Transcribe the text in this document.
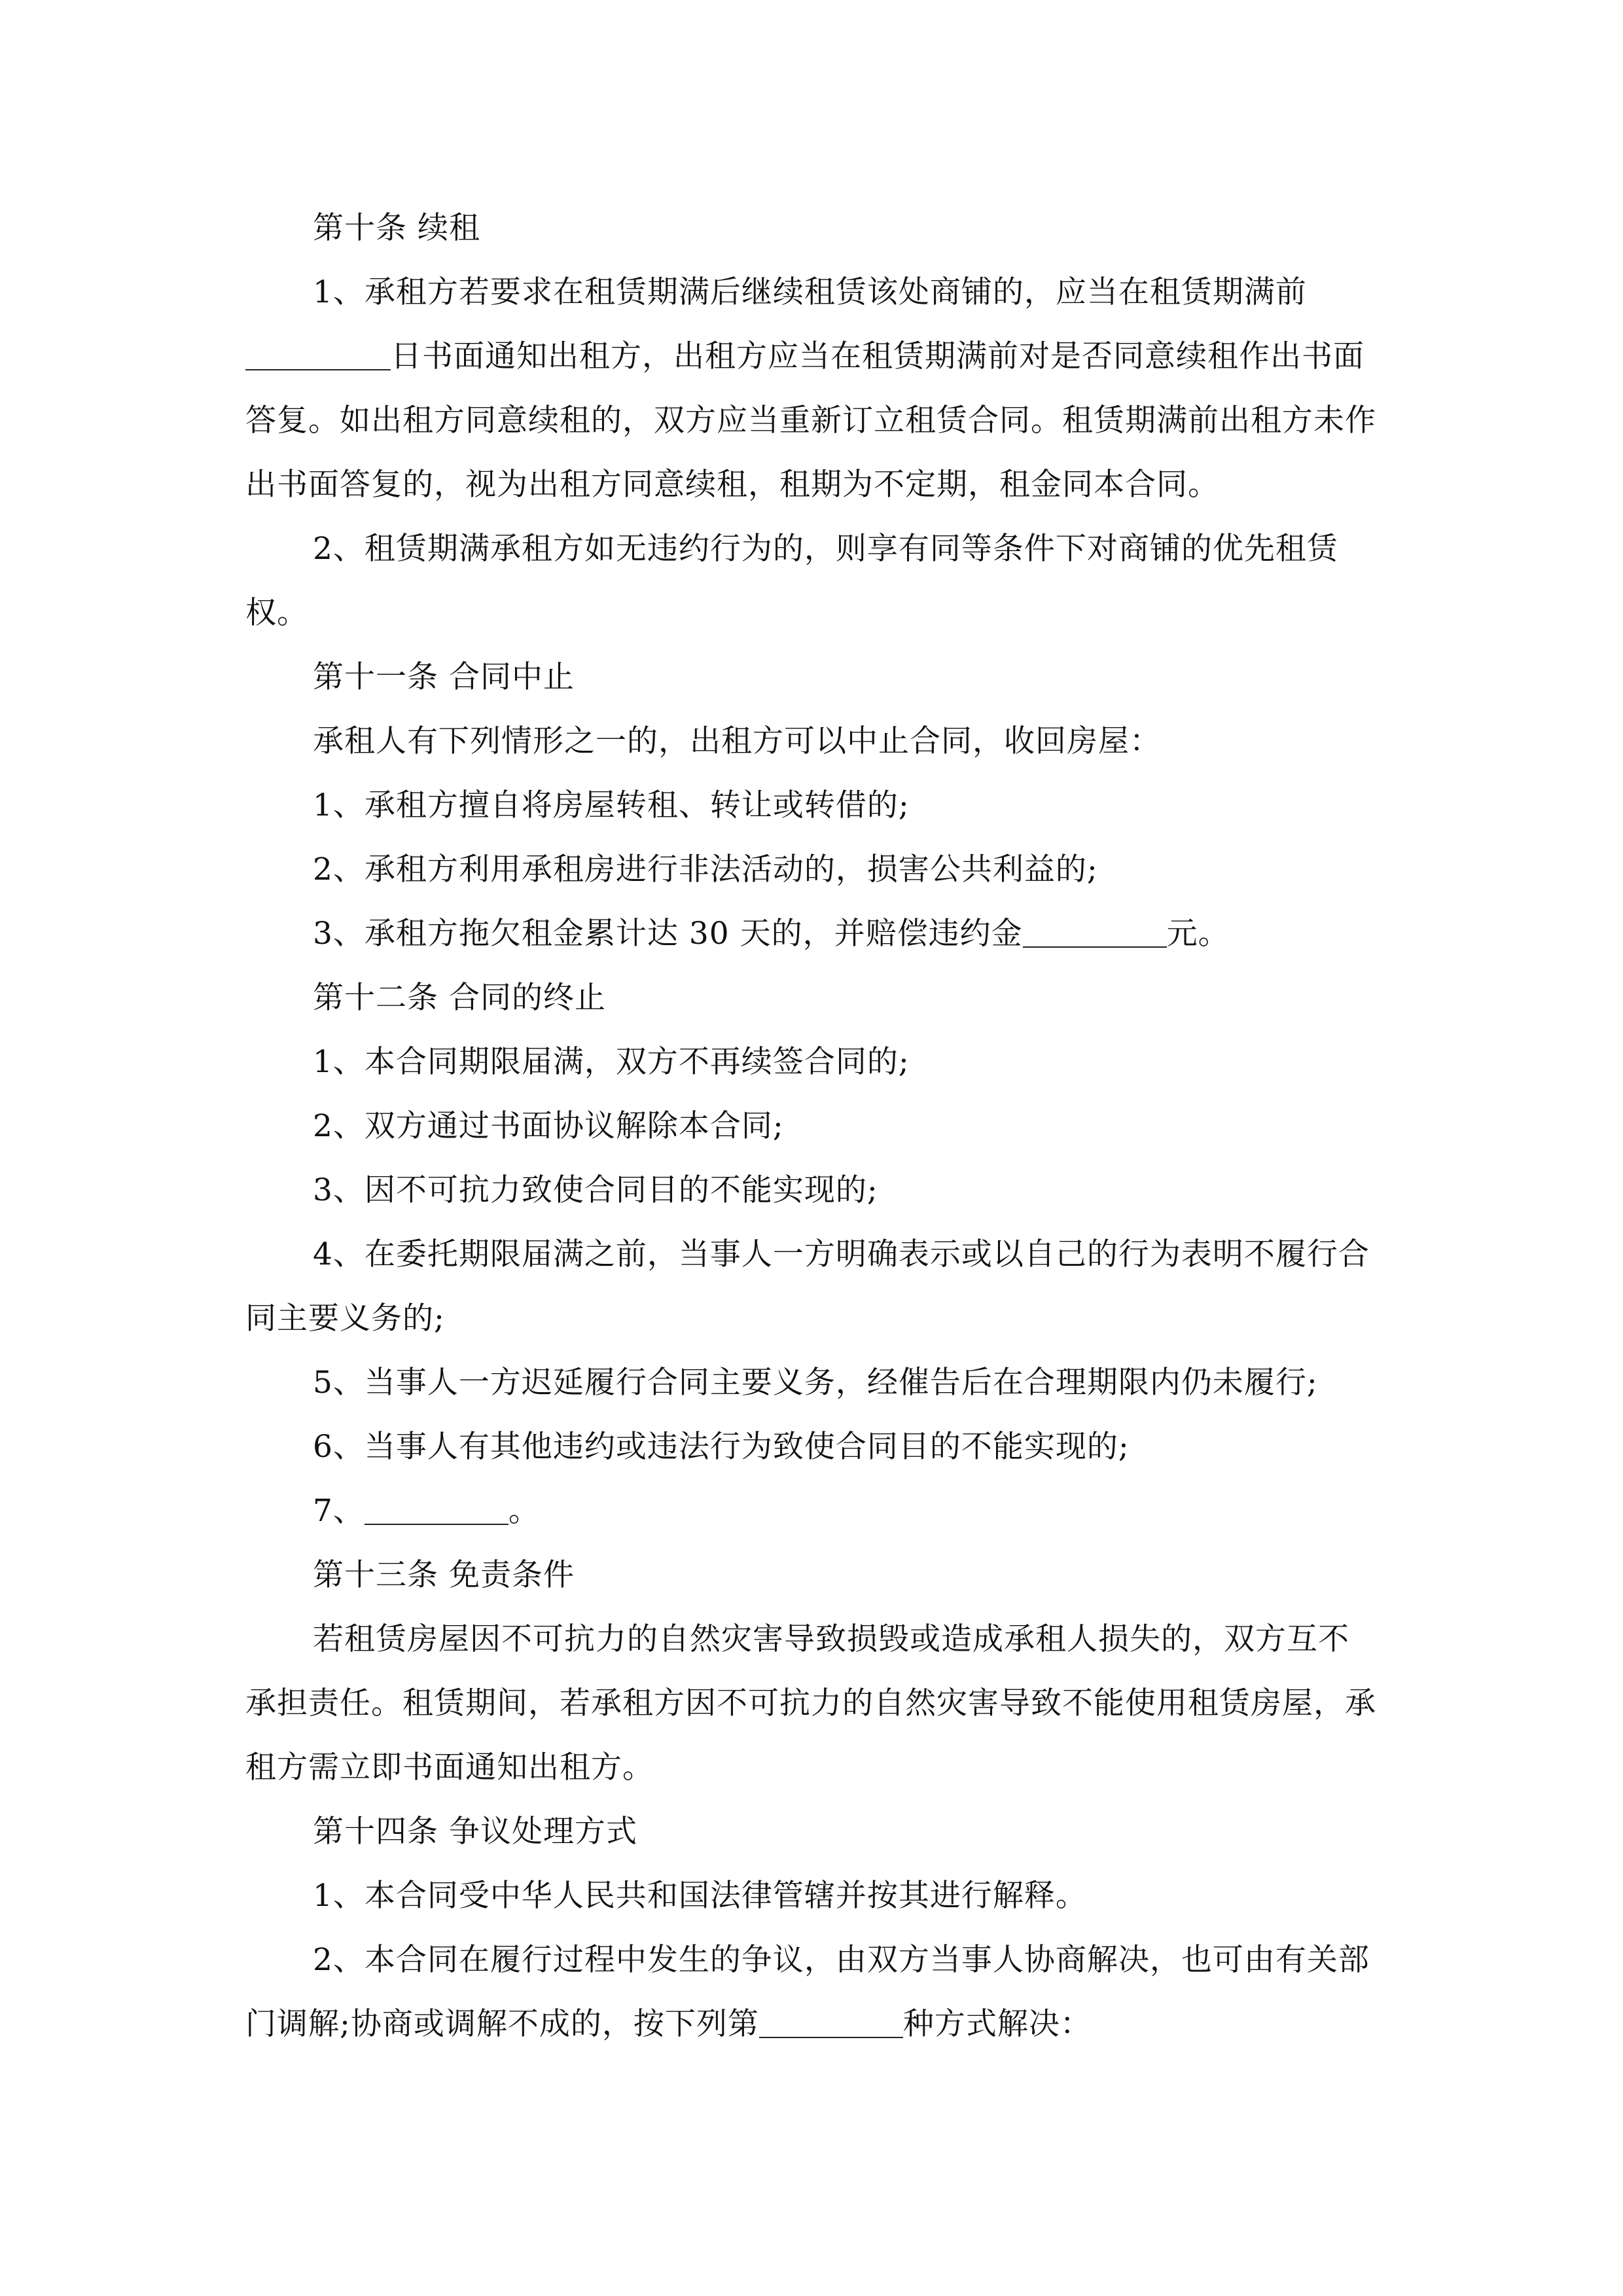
第十条 续租

1、承租方若要求在租赁期满后继续租赁该处商铺的，应当在租赁期满前日书面通知出租方，出租方应当在租赁期满前对是否同意续租作出书面答复。如出租方同意续租的，双方应当重新订立租赁合同。租赁期满前出租方未作出书面答复的，视为出租方同意续租，租期为不定期，租金同本合同。

2、租赁期满承租方如无违约行为的，则享有同等条件下对商铺的优先租赁权。

第十一条 合同中止

承租人有下列情形之一的，出租方可以中止合同，收回房屋：

1、承租方擅自将房屋转租、转让或转借的;

2、承租方利用承租房进行非法活动的，损害公共利益的;

3、承租方拖欠租金累计达 30 天的，并赔偿违约金	元。

第十二条 合同的终止

1、本合同期限届满，双方不再续签合同的;

2、双方通过书面协议解除本合同;

3、因不可抗力致使合同目的不能实现的;

4、在委托期限届满之前，当事人一方明确表示或以自己的行为表明不履行合同主要义务的;

5、当事人一方迟延履行合同主要义务，经催告后在合理期限内仍未履行;

6、当事人有其他违约或违法行为致使合同目的不能实现的;

7、	。

第十三条 免责条件

若租赁房屋因不可抗力的自然灾害导致损毁或造成承租人损失的，双方互不承担责任。租赁期间，若承租方因不可抗力的自然灾害导致不能使用租赁房屋，承租方需立即书面通知出租方。

第十四条 争议处理方式

1、本合同受中华人民共和国法律管辖并按其进行解释。

2、本合同在履行过程中发生的争议，由双方当事人协商解决，也可由有关部门调解;协商或调解不成的，按下列第	种方式解决：
